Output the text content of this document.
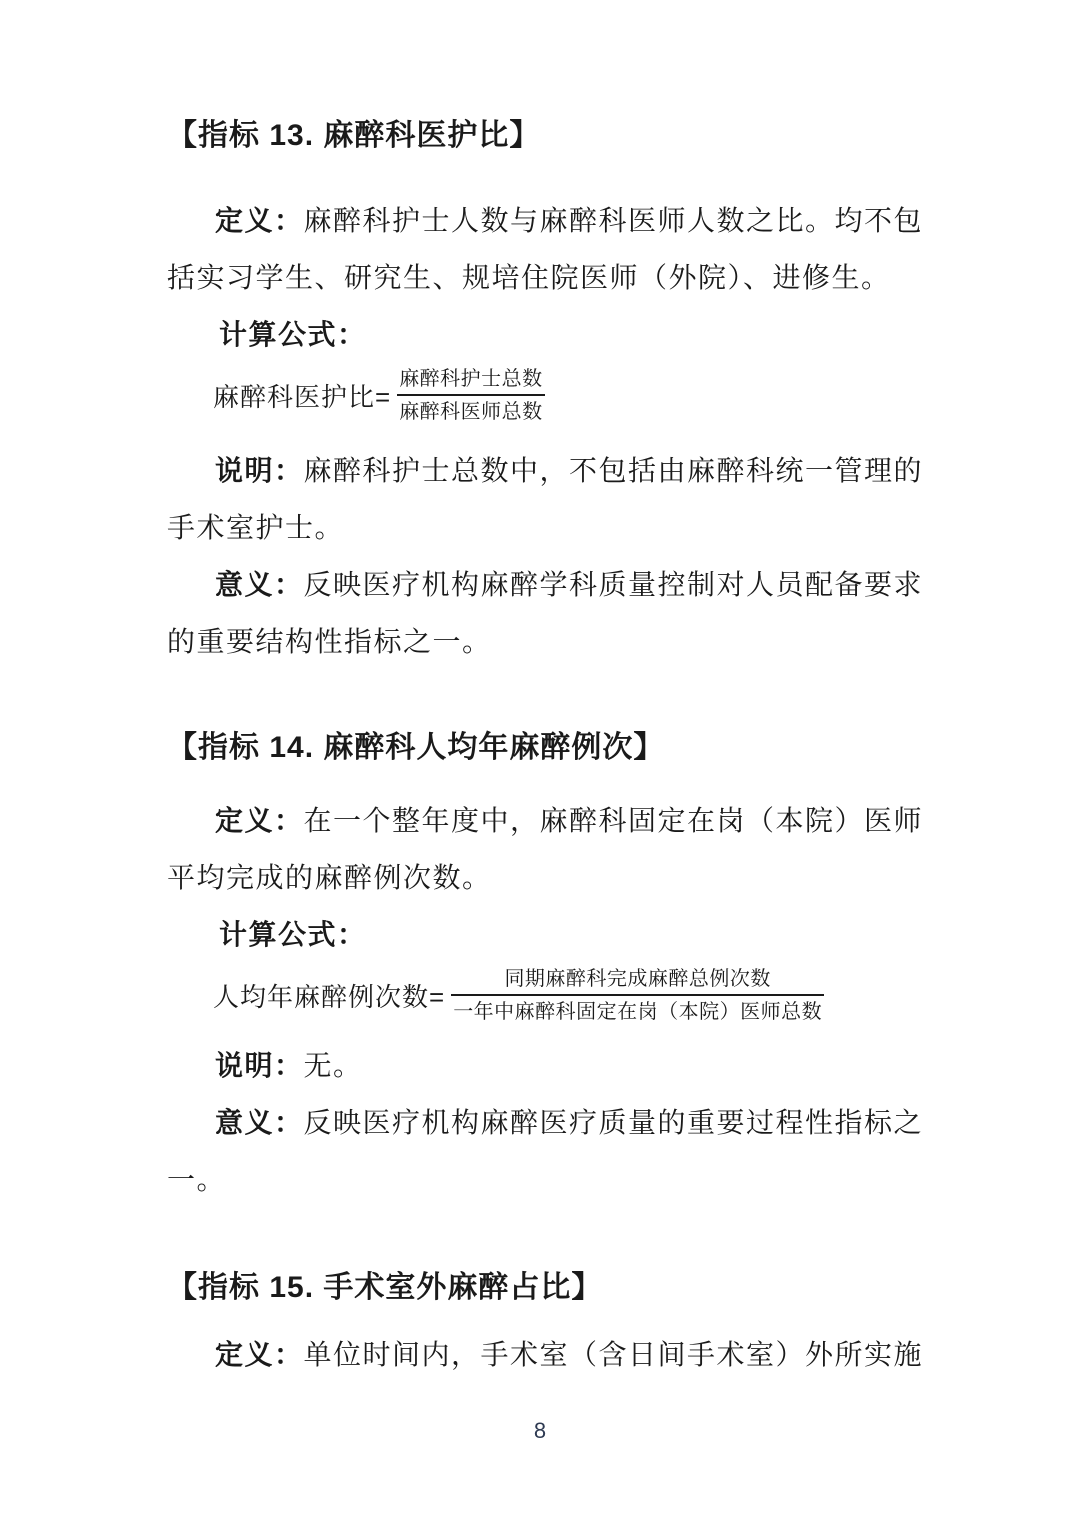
【指标 13. 麻醉科医护比】

定义：麻醉科护士人数与麻醉科医师人数之比。均不包
括实习学生、研究生、规培住院医师（外院）、进修生。

计算公式：

麻醉科医护比= $\frac{\text{麻醉科护士总数}}{\text{麻醉科医师总数}}$

说明：麻醉科护士总数中，不包括由麻醉科统一管理的
手术室护士。

意义：反映医疗机构麻醉学科质量控制对人员配备要求
的重要结构性指标之一。

【指标 14. 麻醉科人均年麻醉例次】

定义：在一个整年度中，麻醉科固定在岗（本院）医师
平均完成的麻醉例次数。

计算公式：

人均年麻醉例次数= $\frac{\text{同期麻醉科完成麻醉总例次数}}{\text{一年中麻醉科固定在岗（本院）医师总数}}$

说明：无。

意义：反映医疗机构麻醉医疗质量的重要过程性指标之
一。

【指标 15. 手术室外麻醉占比】

定义：单位时间内，手术室（含日间手术室）外所实施

8
